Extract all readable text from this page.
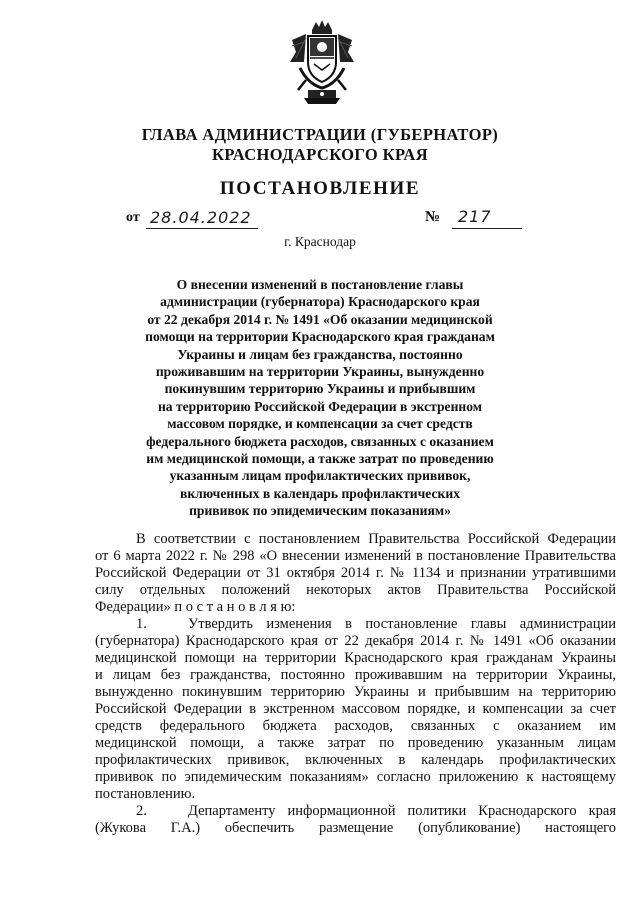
ГЛАВА АДМИНИСТРАЦИИ (ГУБЕРНАТОР)
КРАСНОДАРСКОГО КРАЯ
ПОСТАНОВЛЕНИЕ
от 28.04.2022	№ 217
г. Краснодар
О внесении изменений в постановление главы
администрации (губернатора) Краснодарского края
от 22 декабря 2014 г. № 1491 «Об оказании медицинской
помощи на территории Краснодарского края гражданам
Украины и лицам без гражданства, постоянно
проживавшим на территории Украины, вынужденно
покинувшим территорию Украины и прибывшим
на территорию Российской Федерации в экстренном
массовом порядке, и компенсации за счет средств
федерального бюджета расходов, связанных с оказанием
им медицинской помощи, а также затрат по проведению
указанным лицам профилактических прививок,
включенных в календарь профилактических
прививок по эпидемическим показаниям»
В соответствии с постановлением Правительства Российской Федерации
от 6 марта 2022 г. № 298 «О внесении изменений в постановление Правительства
Российской Федерации от 31 октября 2014 г. № 1134 и признании утратившими
силу отдельных положений некоторых актов Правительства Российской
Федерации» п о с т а н о в л я ю:
1.	Утвердить изменения в постановление главы администрации
(губернатора) Краснодарского края от 22 декабря 2014 г. № 1491 «Об оказании
медицинской помощи на территории Краснодарского края гражданам Украины
и лицам без гражданства, постоянно проживавшим на территории Украины,
вынужденно покинувшим территорию Украины и прибывшим на территорию
Российской Федерации в экстренном массовом порядке, и компенсации за счет
средств федерального бюджета расходов, связанных с оказанием им
медицинской помощи, а также затрат по проведению указанным лицам
профилактических прививок, включенных в календарь профилактических
прививок по эпидемическим показаниям» согласно приложению к настоящему
постановлению.
2.	Департаменту информационной политики Краснодарского края
(Жукова Г.А.) обеспечить размещение (опубликование) настоящего
